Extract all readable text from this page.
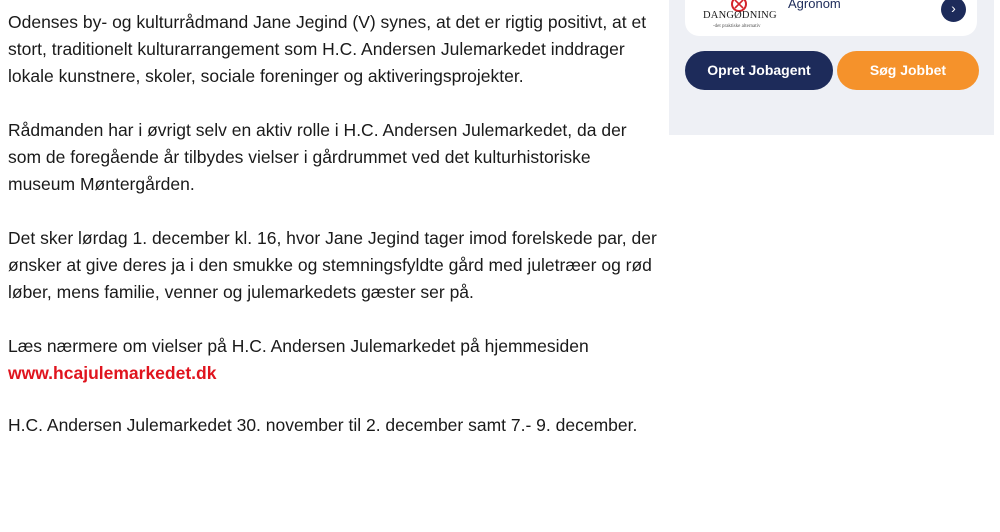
Odenses by- og kulturrådmand Jane Jegind (V) synes, at det er rigtig positivt, at et stort, traditionelt kulturarrangement som H.C. Andersen Julemarkedet inddrager lokale kunstnere, skoler, sociale foreninger og aktiveringsprojekter.

Rådmanden har i øvrigt selv en aktiv rolle i H.C. Andersen Julemarkedet, da der som de foregående år tilbydes vielser i gårdrummet ved det kulturhistoriske museum Møntergården.

Det sker lørdag 1. december kl. 16, hvor Jane Jegind tager imod forelskede par, der ønsker at give deres ja i den smukke og stemningsfyldte gård med juletræer og rød løber, mens familie, venner og julemarkedets gæster ser på.

Læs nærmere om vielser på H.C. Andersen Julemarkedet på hjemmesiden
www.hcajulemarkedet.dk

H.C. Andersen Julemarkedet 30. november til 2. december samt 7.- 9. december.

DANGØDNING
-det praktiske alternativ
Agronom	›
Opret Jobagent	Søg Jobbet
